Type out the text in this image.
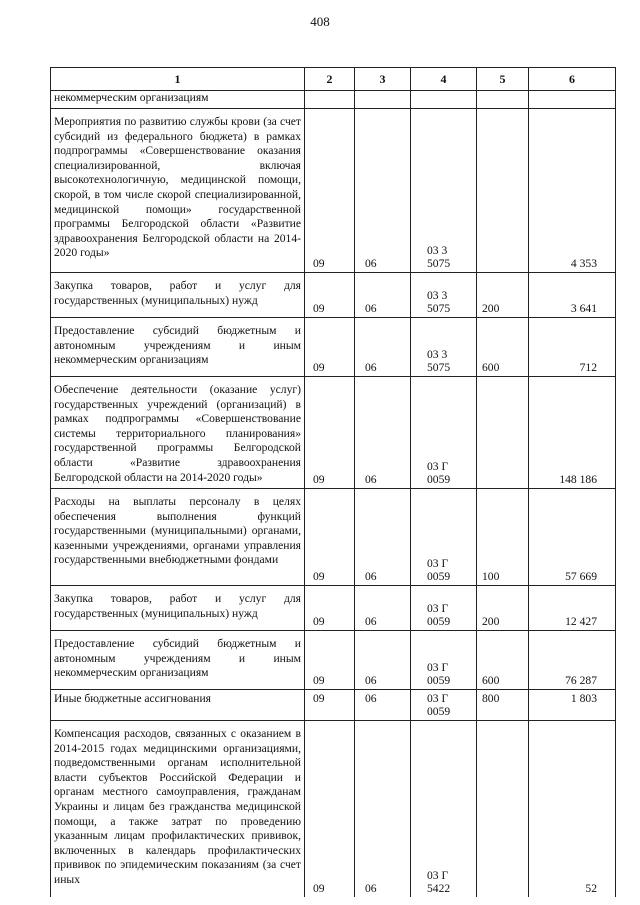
408
1	2	3	4	5	6
некоммерческим организациям					
Мероприятия по развитию службы крови (за счет субсидий из федерального бюджета) в рамках подпрограммы «Совершенствование оказания специализированной, включая высокотехнологичную, медицинской помощи, скорой, в том числе скорой специализированной, медицинской помощи» государственной программы Белгородской области «Развитие здравоохранения Белгородской области на 2014-2020 годы»	09	06	03 3 5075		4 353
Закупка товаров, работ и услуг для государственных (муниципальных) нужд	09	06	03 3 5075	200	3 641
Предоставление субсидий бюджетным и автономным учреждениям и иным некоммерческим организациям	09	06	03 3 5075	600	712
Обеспечение деятельности (оказание услуг) государственных учреждений (организаций) в рамках подпрограммы «Совершенствование системы территориального планирования» государственной программы Белгородской области «Развитие здравоохранения Белгородской области на 2014-2020 годы»	09	06	03 Г 0059		148 186
Расходы на выплаты персоналу в целях обеспечения выполнения функций государственными (муниципальными) органами, казенными учреждениями, органами управления государственными внебюджетными фондами	09	06	03 Г 0059	100	57 669
Закупка товаров, работ и услуг для государственных (муниципальных) нужд	09	06	03 Г 0059	200	12 427
Предоставление субсидий бюджетным и автономным учреждениям и иным некоммерческим организациям	09	06	03 Г 0059	600	76 287
Иные бюджетные ассигнования	09	06	03 Г 0059	800	1 803
Компенсация расходов, связанных с оказанием в 2014-2015 годах медицинскими организациями, подведомственными органам исполнительной власти субъектов Российской Федерации и органам местного самоуправления, гражданам Украины и лицам без гражданства медицинской помощи, а также затрат по проведению указанным лицам профилактических прививок, включенных в календарь профилактических прививок по эпидемическим показаниям (за счет иных	09	06	03 Г 5422		52
